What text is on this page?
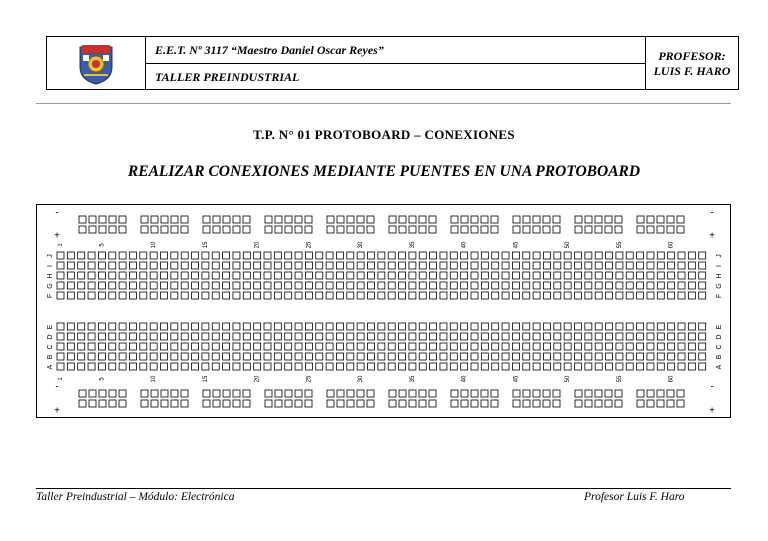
E.E.T. Nº 3117 “Maestro Daniel Oscar Reyes”
TALLER PREINDUSTRIAL
PROFESOR:
LUIS F. HARO
T.P. N° 01 PROTOBOARD – CONEXIONES
REALIZAR CONEXIONES MEDIANTE PUENTES EN UNA PROTOBOARD
-	-
+	+
-	-
+	+
J	J
I	I
H	H
G	G
F	F
E	E
D	D
C	C
B	B
A	A
1
1
5
5
10
10
15
15
20
20
25
25
30
30
35
35
40
40
45
45
50
50
55
55
60
60
Taller Preindustrial – Módulo: Electrónica	Profesor Luis F. Haro
